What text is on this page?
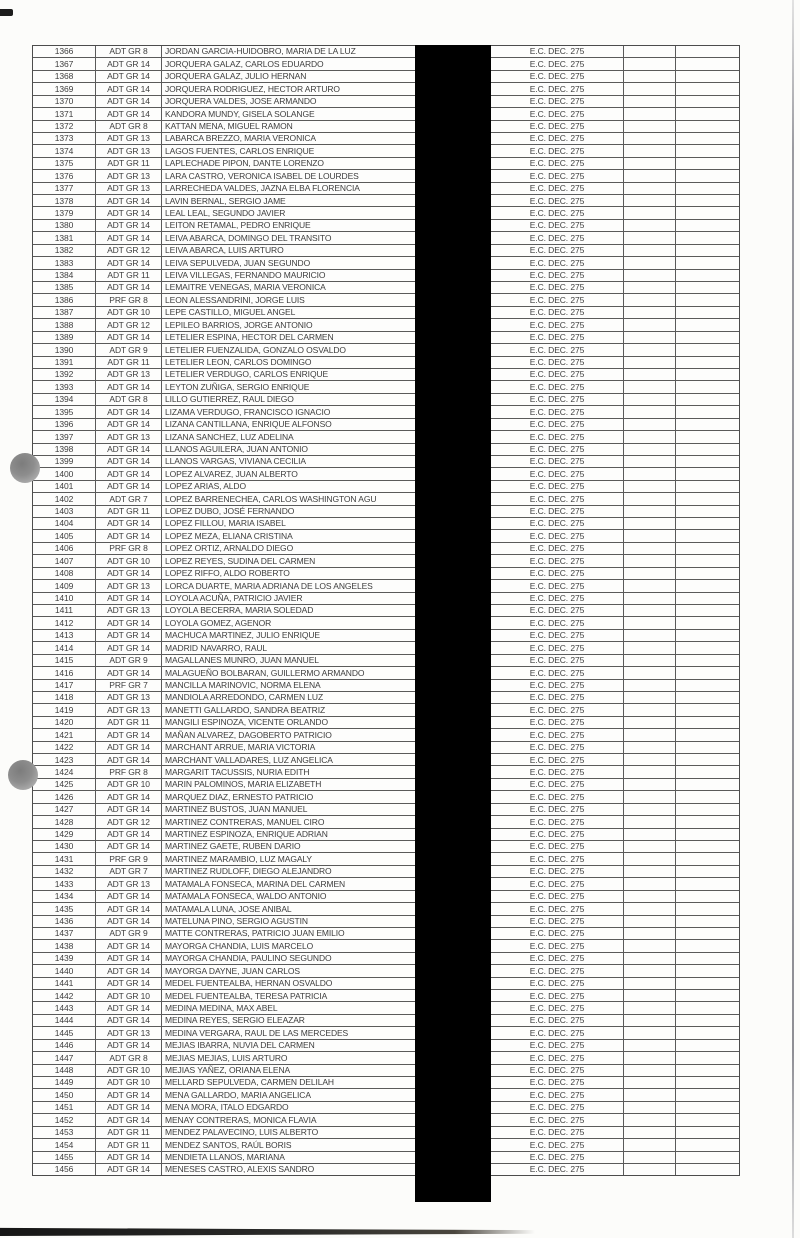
1366	ADT GR 8	JORDAN GARCIA-HUIDOBRO, MARIA DE LA LUZ	E.C. DEC. 275
1367	ADT GR 14	JORQUERA GALAZ, CARLOS EDUARDO	E.C. DEC. 275
1368	ADT GR 14	JORQUERA GALAZ, JULIO HERNAN	E.C. DEC. 275
1369	ADT GR 14	JORQUERA RODRIGUEZ, HECTOR ARTURO	E.C. DEC. 275
1370	ADT GR 14	JORQUERA VALDES, JOSE ARMANDO	E.C. DEC. 275
1371	ADT GR 14	KANDORA MUNDY, GISELA SOLANGE	E.C. DEC. 275
1372	ADT GR 8	KATTAN MENA, MIGUEL RAMON	E.C. DEC. 275
1373	ADT GR 13	LABARCA BREZZO, MARIA VERONICA	E.C. DEC. 275
1374	ADT GR 13	LAGOS FUENTES, CARLOS ENRIQUE	E.C. DEC. 275
1375	ADT GR 11	LAPLECHADE PIPON, DANTE LORENZO	E.C. DEC. 275
1376	ADT GR 13	LARA CASTRO, VERONICA ISABEL DE LOURDES	E.C. DEC. 275
1377	ADT GR 13	LARRECHEDA VALDES, JAZNA ELBA FLORENCIA	E.C. DEC. 275
1378	ADT GR 14	LAVIN BERNAL, SERGIO JAME	E.C. DEC. 275
1379	ADT GR 14	LEAL LEAL, SEGUNDO JAVIER	E.C. DEC. 275
1380	ADT GR 14	LEITON RETAMAL, PEDRO ENRIQUE	E.C. DEC. 275
1381	ADT GR 14	LEIVA ABARCA, DOMINGO DEL TRANSITO	E.C. DEC. 275
1382	ADT GR 12	LEIVA ABARCA, LUIS ARTURO	E.C. DEC. 275
1383	ADT GR 14	LEIVA SEPULVEDA, JUAN SEGUNDO	E.C. DEC. 275
1384	ADT GR 11	LEIVA VILLEGAS, FERNANDO MAURICIO	E.C. DEC. 275
1385	ADT GR 14	LEMAITRE VENEGAS, MARIA VERONICA	E.C. DEC. 275
1386	PRF GR 8	LEON ALESSANDRINI, JORGE LUIS	E.C. DEC. 275
1387	ADT GR 10	LEPE CASTILLO, MIGUEL ANGEL	E.C. DEC. 275
1388	ADT GR 12	LEPILEO BARRIOS, JORGE ANTONIO	E.C. DEC. 275
1389	ADT GR 14	LETELIER ESPINA, HECTOR DEL CARMEN	E.C. DEC. 275
1390	ADT GR 9	LETELIER FUENZALIDA, GONZALO OSVALDO	E.C. DEC. 275
1391	ADT GR 11	LETELIER LEON, CARLOS DOMINGO	E.C. DEC. 275
1392	ADT GR 13	LETELIER VERDUGO, CARLOS ENRIQUE	E.C. DEC. 275
1393	ADT GR 14	LEYTON ZUÑIGA, SERGIO ENRIQUE	E.C. DEC. 275
1394	ADT GR 8	LILLO GUTIERREZ, RAUL DIEGO	E.C. DEC. 275
1395	ADT GR 14	LIZAMA VERDUGO, FRANCISCO IGNACIO	E.C. DEC. 275
1396	ADT GR 14	LIZANA CANTILLANA, ENRIQUE ALFONSO	E.C. DEC. 275
1397	ADT GR 13	LIZANA SANCHEZ, LUZ ADELINA	E.C. DEC. 275
1398	ADT GR 14	LLANOS AGUILERA, JUAN ANTONIO	E.C. DEC. 275
1399	ADT GR 14	LLANOS VARGAS, VIVIANA CECILIA	E.C. DEC. 275
1400	ADT GR 14	LOPEZ ALVAREZ, JUAN ALBERTO	E.C. DEC. 275
1401	ADT GR 14	LOPEZ ARIAS, ALDO	E.C. DEC. 275
1402	ADT GR 7	LOPEZ BARRENECHEA, CARLOS WASHINGTON AGU	E.C. DEC. 275
1403	ADT GR 11	LOPEZ DUBO, JOSÉ FERNANDO	E.C. DEC. 275
1404	ADT GR 14	LOPEZ FILLOU, MARIA ISABEL	E.C. DEC. 275
1405	ADT GR 14	LOPEZ MEZA, ELIANA CRISTINA	E.C. DEC. 275
1406	PRF GR 8	LOPEZ ORTIZ, ARNALDO DIEGO	E.C. DEC. 275
1407	ADT GR 10	LOPEZ REYES, SUDINA DEL CARMEN	E.C. DEC. 275
1408	ADT GR 14	LOPEZ RIFFO, ALDO ROBERTO	E.C. DEC. 275
1409	ADT GR 13	LORCA DUARTE, MARIA ADRIANA DE LOS ANGELES	E.C. DEC. 275
1410	ADT GR 14	LOYOLA ACUÑA, PATRICIO JAVIER	E.C. DEC. 275
1411	ADT GR 13	LOYOLA BECERRA, MARIA SOLEDAD	E.C. DEC. 275
1412	ADT GR 14	LOYOLA GOMEZ, AGENOR	E.C. DEC. 275
1413	ADT GR 14	MACHUCA MARTINEZ, JULIO ENRIQUE	E.C. DEC. 275
1414	ADT GR 14	MADRID NAVARRO, RAUL	E.C. DEC. 275
1415	ADT GR 9	MAGALLANES MUNRO, JUAN MANUEL	E.C. DEC. 275
1416	ADT GR 14	MALAGUEÑO BOLBARAN, GUILLERMO ARMANDO	E.C. DEC. 275
1417	PRF GR 7	MANCILLA MARINOVIC, NORMA ELENA	E.C. DEC. 275
1418	ADT GR 13	MANDIOLA ARREDONDO, CARMEN LUZ	E.C. DEC. 275
1419	ADT GR 13	MANETTI GALLARDO, SANDRA BEATRIZ	E.C. DEC. 275
1420	ADT GR 11	MANGILI ESPINOZA, VICENTE ORLANDO	E.C. DEC. 275
1421	ADT GR 14	MAÑAN ALVAREZ, DAGOBERTO PATRICIO	E.C. DEC. 275
1422	ADT GR 14	MARCHANT ARRUE, MARIA VICTORIA	E.C. DEC. 275
1423	ADT GR 14	MARCHANT VALLADARES, LUZ ANGELICA	E.C. DEC. 275
1424	PRF GR 8	MARGARIT TACUSSIS, NURIA EDITH	E.C. DEC. 275
1425	ADT GR 10	MARIN PALOMINOS, MARIA ELIZABETH	E.C. DEC. 275
1426	ADT GR 14	MARQUEZ DIAZ, ERNESTO PATRICIO	E.C. DEC. 275
1427	ADT GR 14	MARTINEZ BUSTOS, JUAN MANUEL	E.C. DEC. 275
1428	ADT GR 12	MARTINEZ CONTRERAS, MANUEL CIRO	E.C. DEC. 275
1429	ADT GR 14	MARTINEZ ESPINOZA, ENRIQUE ADRIAN	E.C. DEC. 275
1430	ADT GR 14	MARTINEZ GAETE, RUBEN DARIO	E.C. DEC. 275
1431	PRF GR 9	MARTINEZ MARAMBIO, LUZ MAGALY	E.C. DEC. 275
1432	ADT GR 7	MARTINEZ RUDLOFF, DIEGO ALEJANDRO	E.C. DEC. 275
1433	ADT GR 13	MATAMALA FONSECA, MARINA DEL CARMEN	E.C. DEC. 275
1434	ADT GR 14	MATAMALA FONSECA, WALDO ANTONIO	E.C. DEC. 275
1435	ADT GR 14	MATAMALA LUNA, JOSE ANIBAL	E.C. DEC. 275
1436	ADT GR 14	MATELUNA PINO, SERGIO AGUSTIN	E.C. DEC. 275
1437	ADT GR 9	MATTE CONTRERAS, PATRICIO JUAN EMILIO	E.C. DEC. 275
1438	ADT GR 14	MAYORGA CHANDIA, LUIS MARCELO	E.C. DEC. 275
1439	ADT GR 14	MAYORGA CHANDIA, PAULINO SEGUNDO	E.C. DEC. 275
1440	ADT GR 14	MAYORGA DAYNE, JUAN CARLOS	E.C. DEC. 275
1441	ADT GR 14	MEDEL FUENTEALBA, HERNAN OSVALDO	E.C. DEC. 275
1442	ADT GR 10	MEDEL FUENTEALBA, TERESA PATRICIA	E.C. DEC. 275
1443	ADT GR 14	MEDINA MEDINA, MAX ABEL	E.C. DEC. 275
1444	ADT GR 14	MEDINA REYES, SERGIO ELEAZAR	E.C. DEC. 275
1445	ADT GR 13	MEDINA VERGARA, RAUL DE LAS MERCEDES	E.C. DEC. 275
1446	ADT GR 14	MEJIAS IBARRA, NUVIA DEL CARMEN	E.C. DEC. 275
1447	ADT GR 8	MEJIAS MEJIAS, LUIS ARTURO	E.C. DEC. 275
1448	ADT GR 10	MEJIAS YAÑEZ, ORIANA ELENA	E.C. DEC. 275
1449	ADT GR 10	MELLARD SEPULVEDA, CARMEN DELILAH	E.C. DEC. 275
1450	ADT GR 14	MENA GALLARDO, MARIA ANGELICA	E.C. DEC. 275
1451	ADT GR 14	MENA MORA, ITALO EDGARDO	E.C. DEC. 275
1452	ADT GR 14	MENAY CONTRERAS, MONICA FLAVIA	E.C. DEC. 275
1453	ADT GR 11	MENDEZ PALAVECINO, LUIS ALBERTO	E.C. DEC. 275
1454	ADT GR 11	MENDEZ SANTOS, RAÚL BORIS	E.C. DEC. 275
1455	ADT GR 14	MENDIETA LLANOS, MARIANA	E.C. DEC. 275
1456	ADT GR 14	MENESES CASTRO, ALEXIS SANDRO	E.C. DEC. 275
